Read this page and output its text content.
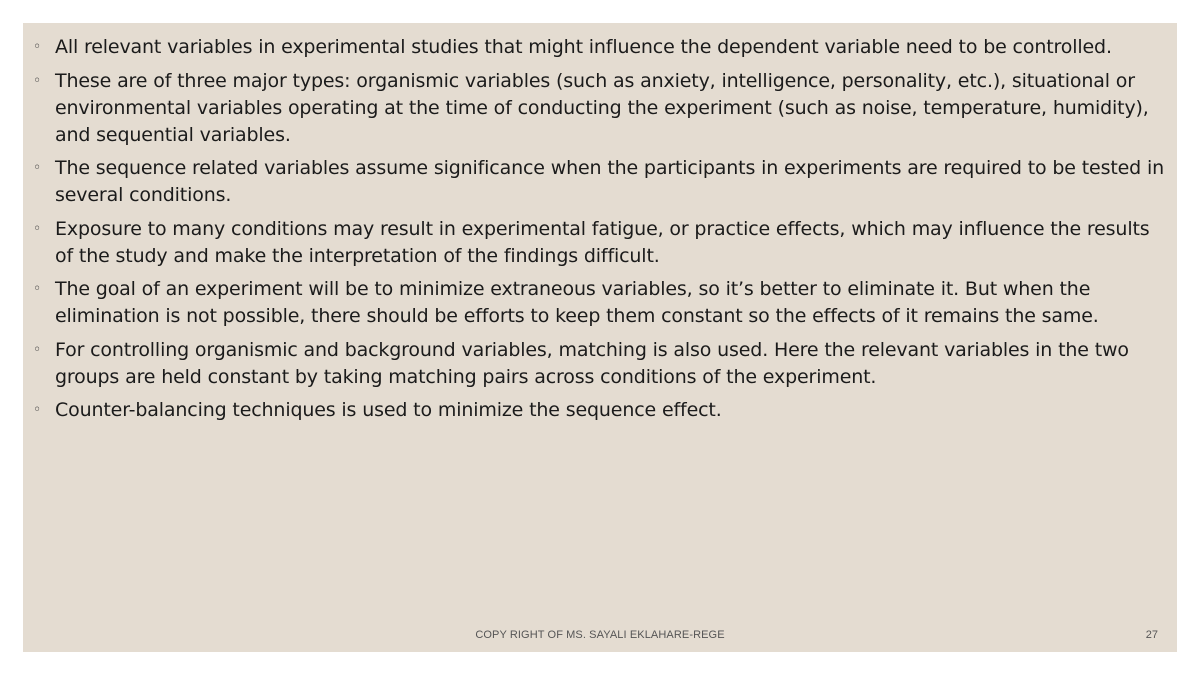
◦ All relevant variables in experimental studies that might influence the dependent variable need to be controlled.
◦ These are of three major types: organismic variables (such as anxiety, intelligence, personality, etc.), situational or environmental variables operating at the time of conducting the experiment (such as noise, temperature, humidity), and sequential variables.
◦ The sequence related variables assume significance when the participants in experiments are required to be tested in several conditions.
◦ Exposure to many conditions may result in experimental fatigue, or practice effects, which may influence the results of the study and make the interpretation of the findings difficult.
◦ The goal of an experiment will be to minimize extraneous variables, so it’s better to eliminate it. But when the elimination is not possible, there should be efforts to keep them constant so the effects of it remains the same.
◦ For controlling organismic and background variables, matching is also used. Here the relevant variables in the two groups are held constant by taking matching pairs across conditions of the experiment.
◦ Counter-balancing techniques is used to minimize the sequence effect.
COPY RIGHT OF MS. SAYALI EKLAHARE-REGE	27
